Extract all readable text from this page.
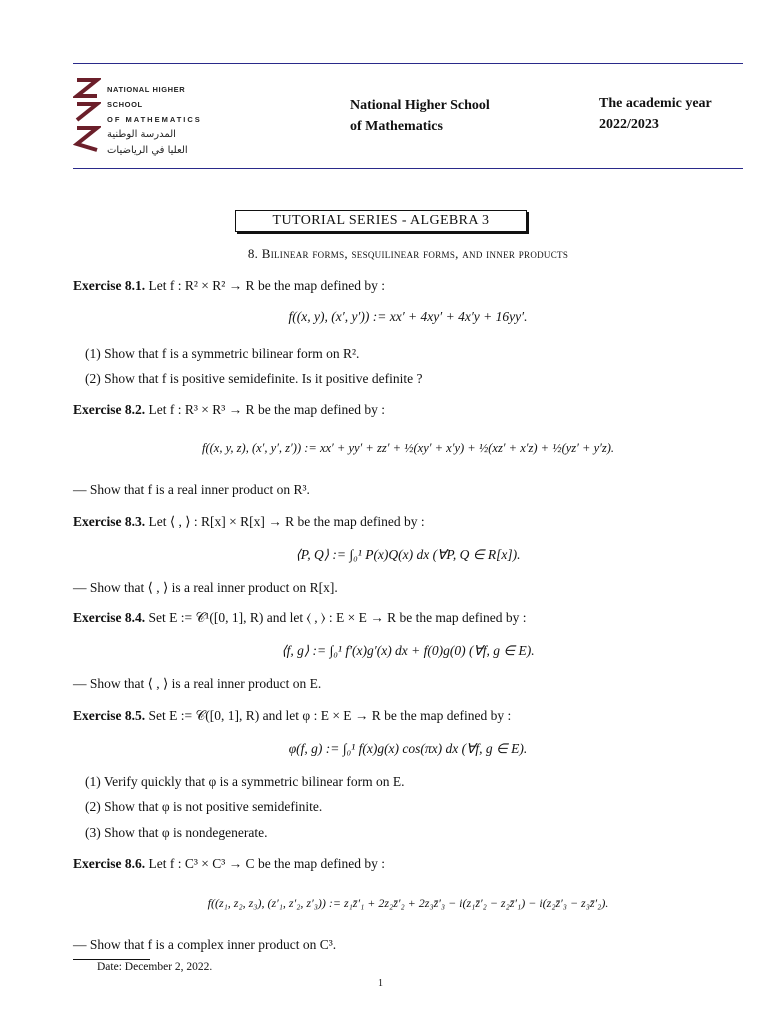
NATIONAL HIGHER SCHOOL
OF MATHEMATICS
المدرسة الوطنية
العليا في الرياضيات
National Higher School
of Mathematics
The academic year
2022/2023
TUTORIAL SERIES - ALGEBRA 3
8. Bilinear forms, sesquilinear forms, and inner products
Exercise 8.1. Let f : R² × R² → R be the map defined by :
f((x, y), (x′, y′)) := xx′ + 4xy′ + 4x′y + 16yy′.
(1) Show that f is a symmetric bilinear form on R².
(2) Show that f is positive semidefinite. Is it positive definite ?
Exercise 8.2. Let f : R³ × R³ → R be the map defined by :
f((x, y, z), (x′, y′, z′)) := xx′ + yy′ + zz′ + ½(xy′ + x′y) + ½(xz′ + x′z) + ½(yz′ + y′z).
— Show that f is a real inner product on R³.
Exercise 8.3. Let ⟨ , ⟩ : R[x] × R[x] → R be the map defined by :
⟨P, Q⟩ := ∫₀¹ P(x)Q(x) dx (∀P, Q ∈ R[x]).
— Show that ⟨ , ⟩ is a real inner product on R[x].
Exercise 8.4. Set E := 𝒞¹([0, 1], R) and let ⟨ , ⟩ : E × E → R be the map defined by :
⟨f, g⟩ := ∫₀¹ f′(x)g′(x) dx + f(0)g(0) (∀f, g ∈ E).
— Show that ⟨ , ⟩ is a real inner product on E.
Exercise 8.5. Set E := 𝒞([0, 1], R) and let φ : E × E → R be the map defined by :
φ(f, g) := ∫₀¹ f(x)g(x) cos(πx) dx (∀f, g ∈ E).
(1) Verify quickly that φ is a symmetric bilinear form on E.
(2) Show that φ is not positive semidefinite.
(3) Show that φ is nondegenerate.
Exercise 8.6. Let f : C³ × C³ → C be the map defined by :
f((z₁, z₂, z₃), (z′₁, z′₂, z′₃)) := z₁z̄′₁ + 2z₂z̄′₂ + 2z₃z̄′₃ − i(z₁z̄′₂ − z₂z̄′₁) − i(z₂z̄′₃ − z₃z̄′₂).
— Show that f is a complex inner product on C³.
Date: December 2, 2022.
1
